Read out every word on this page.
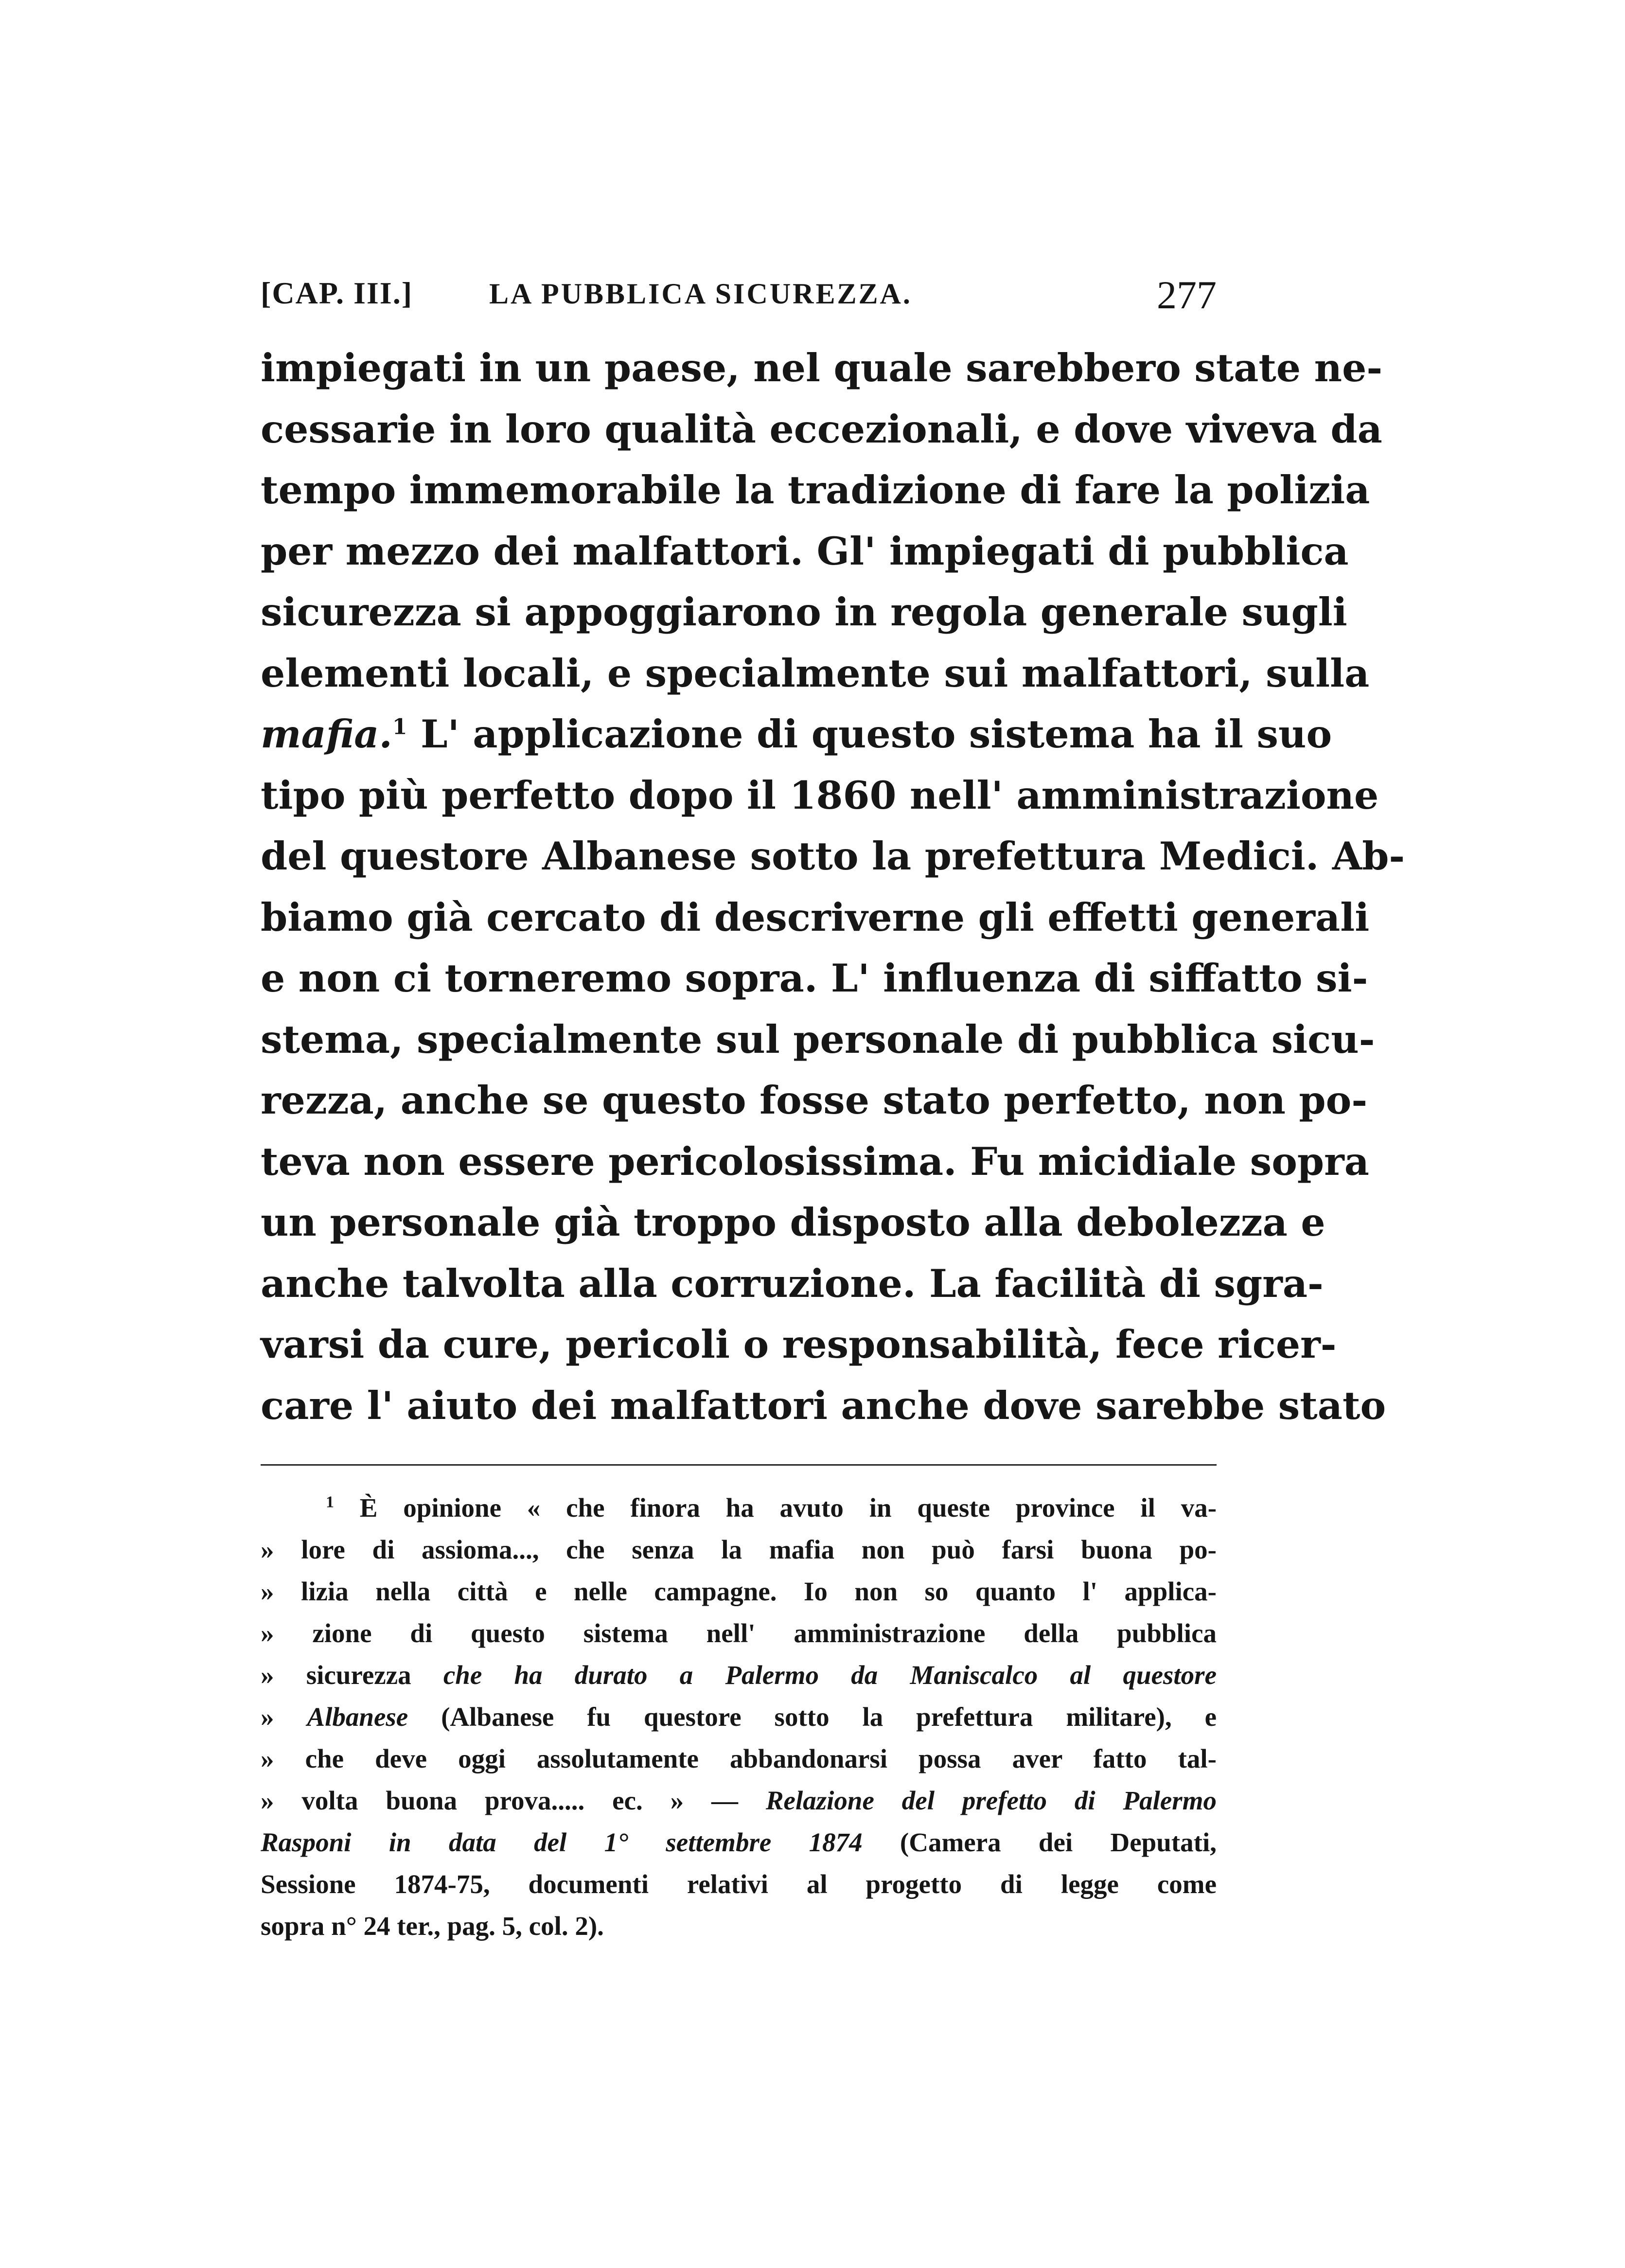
[CAP. III.]	LA PUBBLICA SICUREZZA.	277
impiegati in un paese, nel quale sarebbero state ne-
cessarie in loro qualità eccezionali, e dove viveva da
tempo immemorabile la tradizione di fare la polizia
per mezzo dei malfattori. Gl' impiegati di pubblica
sicurezza si appoggiarono in regola generale sugli
elementi locali, e specialmente sui malfattori, sulla
mafia.$^1$ L' applicazione di questo sistema ha il suo
tipo più perfetto dopo il 1860 nell' amministrazione
del questore Albanese sotto la prefettura Medici. Ab-
biamo già cercato di descriverne gli effetti generali
e non ci torneremo sopra. L' influenza di siffatto si-
stema, specialmente sul personale di pubblica sicu-
rezza, anche se questo fosse stato perfetto, non po-
teva non essere pericolosissima. Fu micidiale sopra
un personale già troppo disposto alla debolezza e
anche talvolta alla corruzione. La facilità di sgra-
varsi da cure, pericoli o responsabilità, fece ricer-
care l' aiuto dei malfattori anche dove sarebbe stato
$^1$ È opinione « che finora ha avuto in queste province il va-
» lore di assioma..., che senza la mafia non può farsi buona po-
» lizia nella città e nelle campagne. Io non so quanto l' applica-
» zione di questo sistema nell' amministrazione della pubblica
» sicurezza che ha durato a Palermo da Maniscalco al questore
» Albanese (Albanese fu questore sotto la prefettura militare), e
» che deve oggi assolutamente abbandonarsi possa aver fatto tal-
» volta buona prova..... ec. » — Relazione del prefetto di Palermo
Rasponi in data del 1° settembre 1874 (Camera dei Deputati,
Sessione 1874-75, documenti relativi al progetto di legge come
sopra n° 24 ter., pag. 5, col. 2).
